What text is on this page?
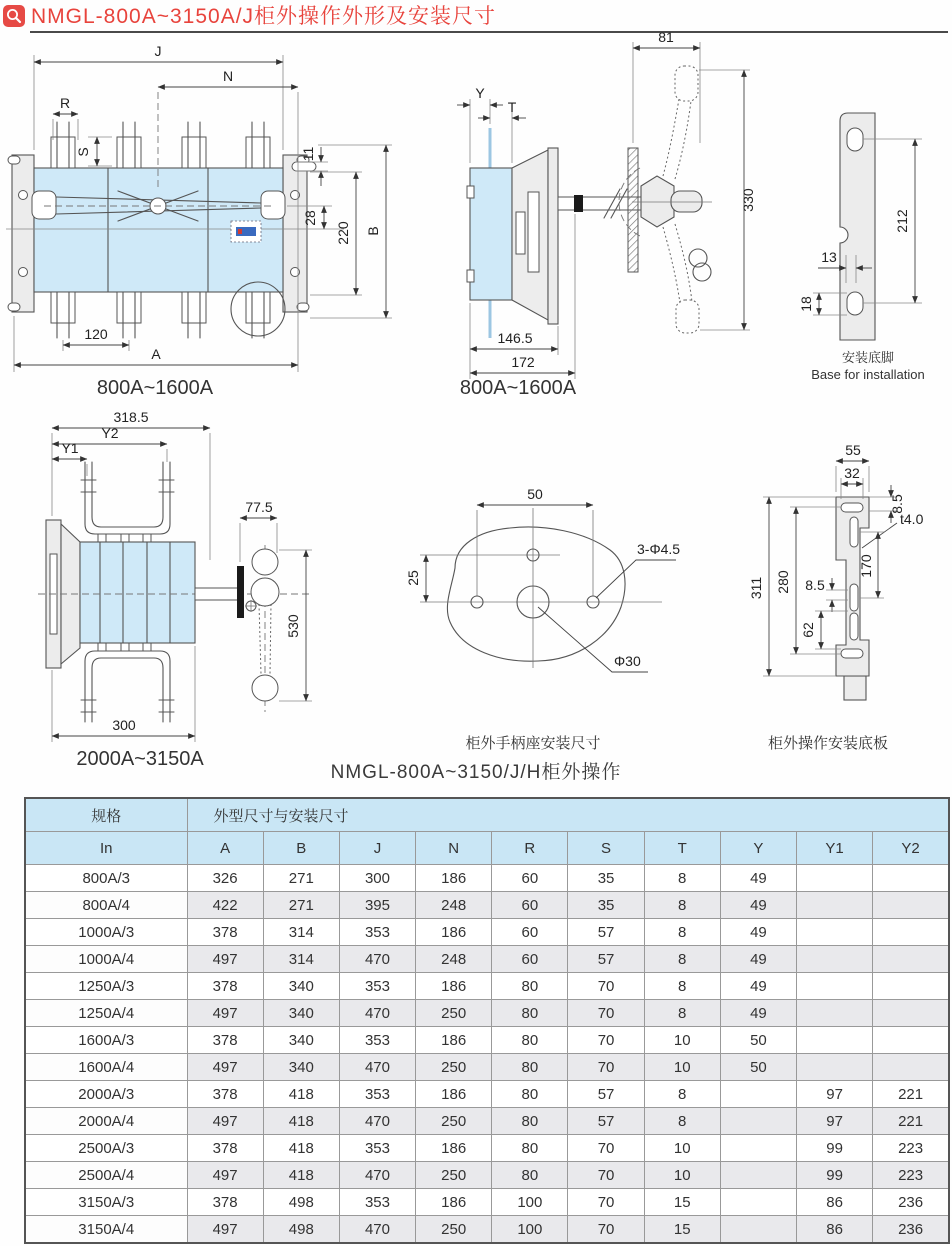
NMGL-800A~3150A/J柜外操作外形及安装尺寸
J
N
R
S	11
28
220 B
120
A
800A~1600A
Y
T
81
330
146.5
172
800A~1600A
212
13
18
安装底脚
Base for installation
318.5
Y2
Y1
77.5
530
300
2000A~3150A
50
25
3-Φ4.5
Φ30
柜外手柄座安装尺寸
55
32
8.5
t4.0
311 280
170
8.5
62
柜外操作安装底板
NMGL-800A~3150/J/H柜外操作
规格	外型尺寸与安装尺寸									
In	A	B	J	N	R	S	T	Y	Y1	Y2
800A/3	326	271	300	186	60	35	8	49		
800A/4	422	271	395	248	60	35	8	49		
1000A/3	378	314	353	186	60	57	8	49		
1000A/4	497	314	470	248	60	57	8	49		
1250A/3	378	340	353	186	80	70	8	49		
1250A/4	497	340	470	250	80	70	8	49		
1600A/3	378	340	353	186	80	70	10	50		
1600A/4	497	340	470	250	80	70	10	50		
2000A/3	378	418	353	186	80	57	8		97	221
2000A/4	497	418	470	250	80	57	8		97	221
2500A/3	378	418	353	186	80	70	10		99	223
2500A/4	497	418	470	250	80	70	10		99	223
3150A/3	378	498	353	186	100	70	15		86	236
3150A/4	497	498	470	250	100	70	15		86	236
